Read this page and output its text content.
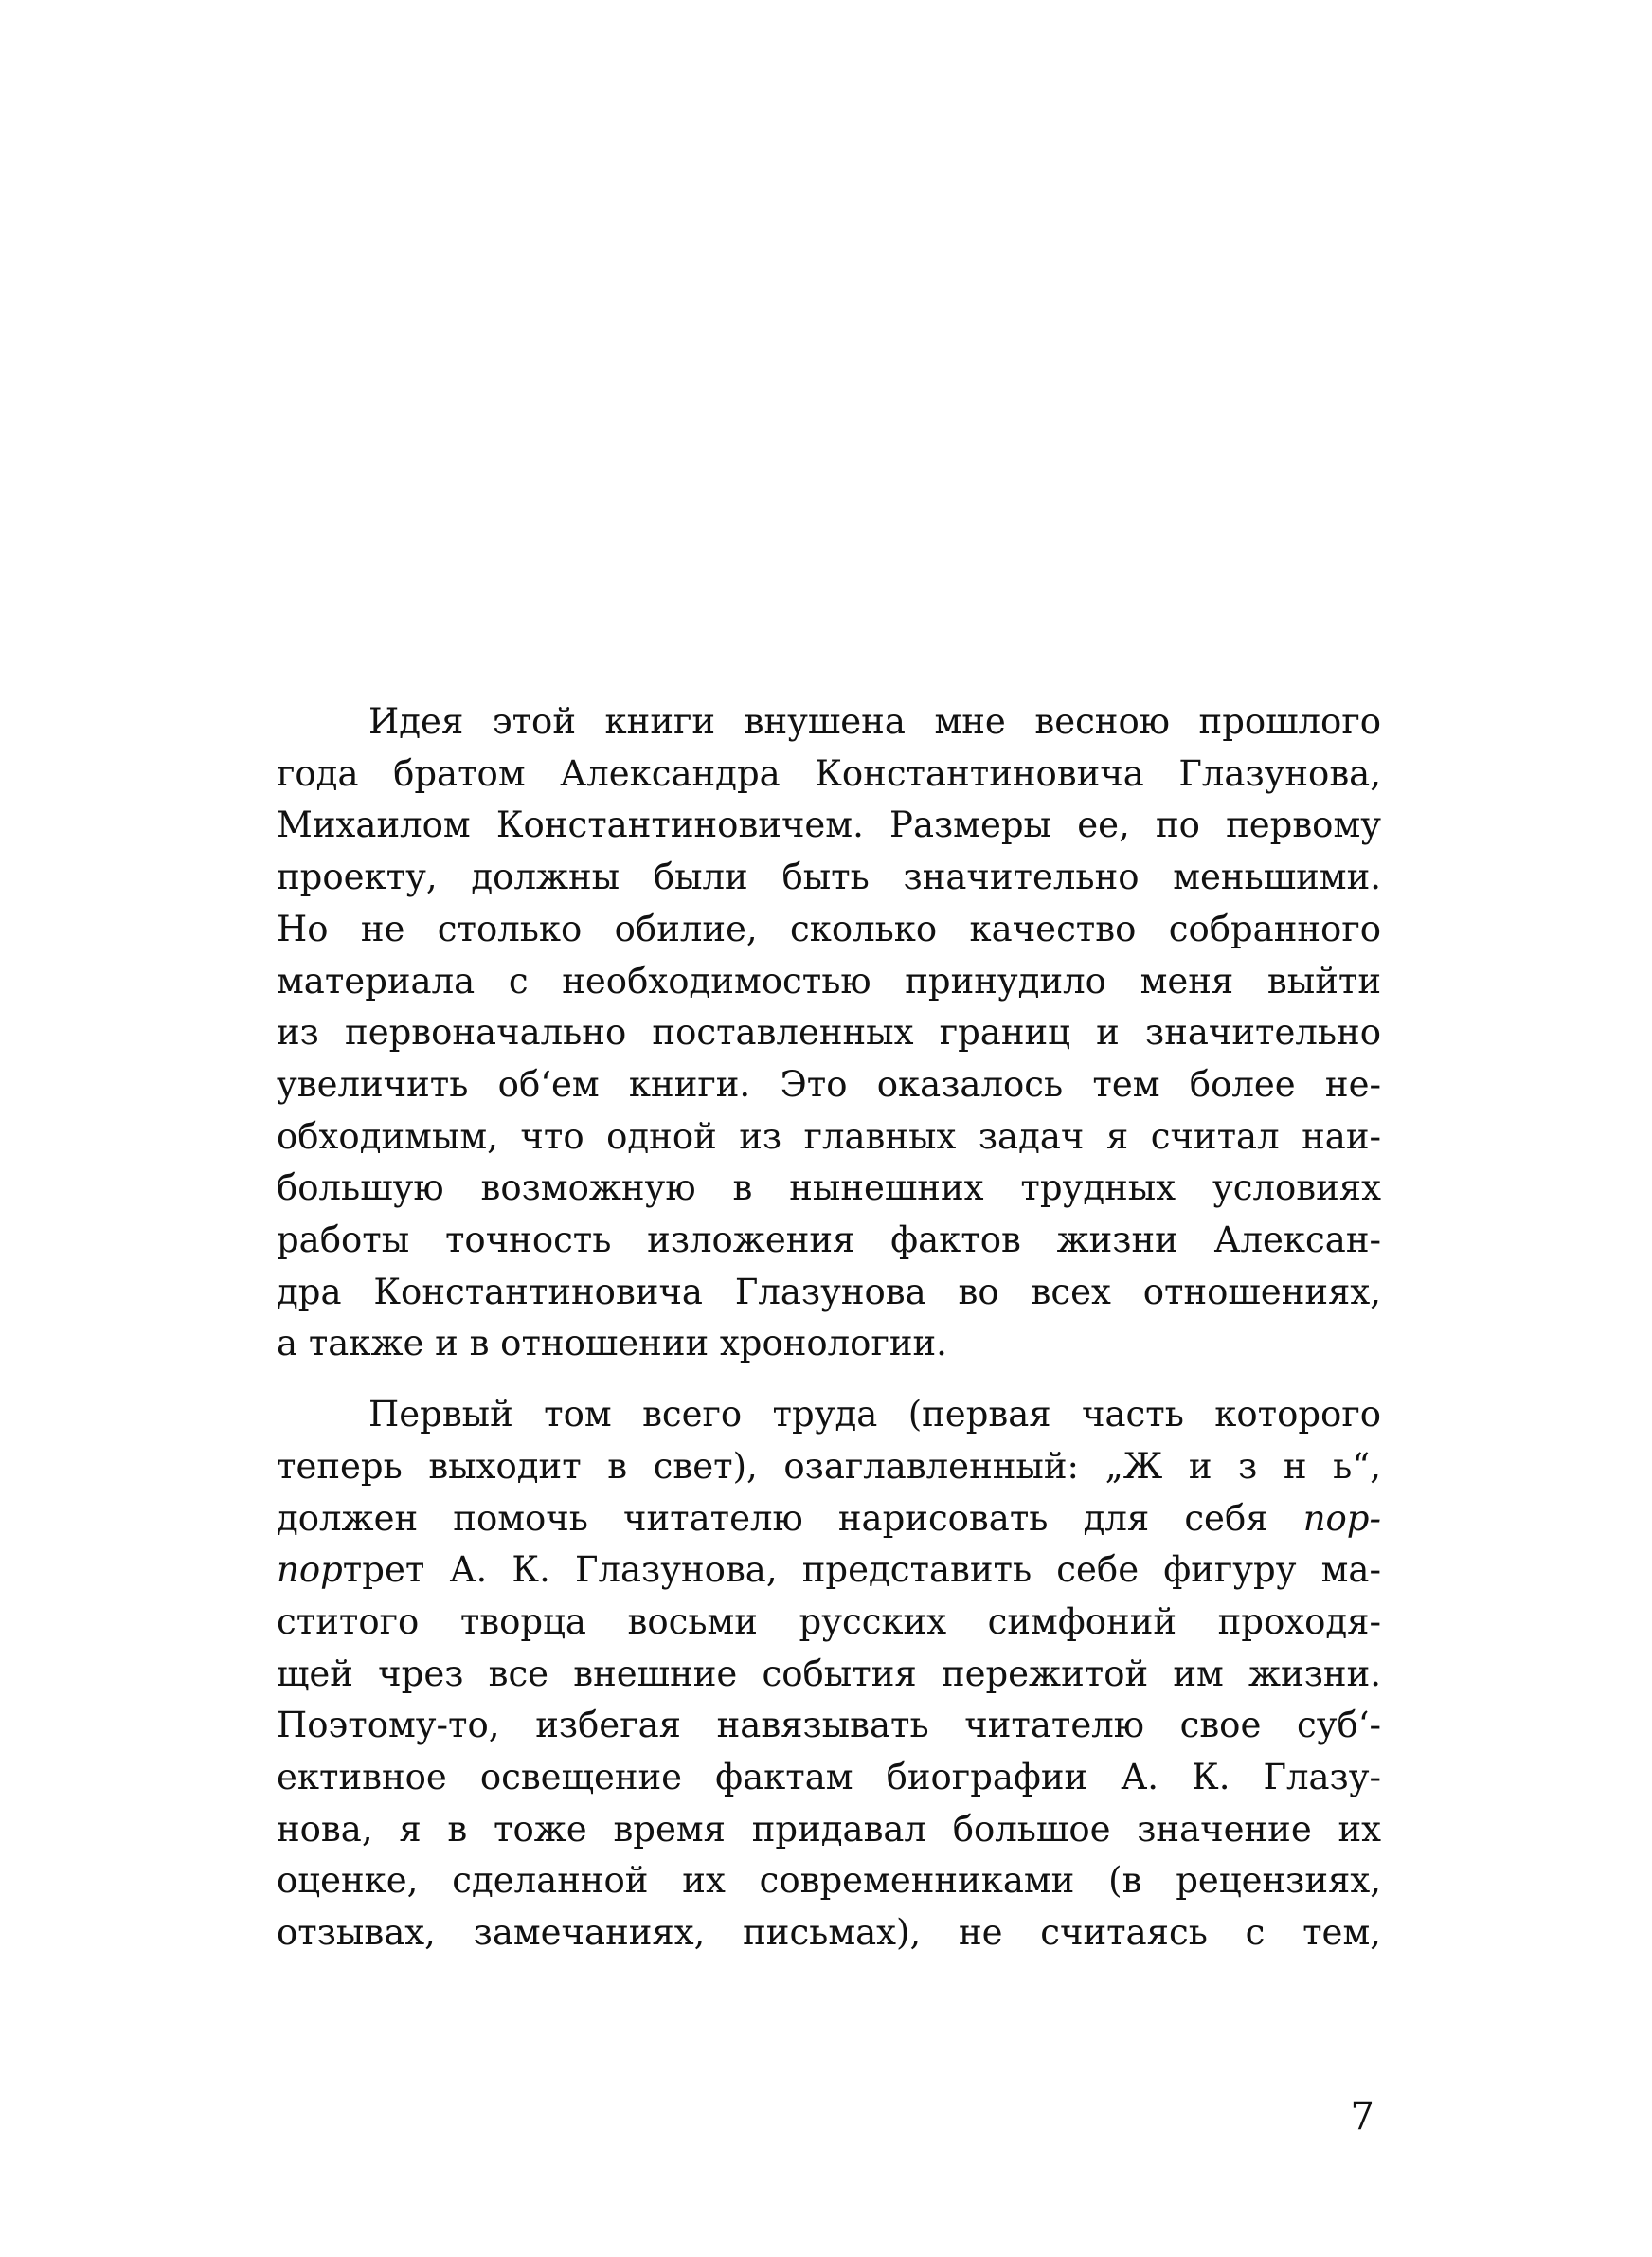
Идея этой книги внушена мне весною прошлого
года братом Александра Константиновича Глазунова,
Михаилом Константиновичем. Размеры ее, по первому
проекту, должны были быть значительно меньшими.
Но не столько обилие, сколько качество собранного
материала с необходимостью принудило меня выйти
из первоначально поставленных границ и значительно
увеличить об‘ем книги. Это оказалось тем более не-
обходимым, что одной из главных задач я считал наи-
большую возможную в нынешних трудных условиях
работы точность изложения фактов жизни Алексан-
дра Константиновича Глазунова во всех отношениях,
а также и в отношении хронологии.

Первый том всего труда (первая часть которого
теперь выходит в свет), озаглавленный: „Ж и з н ь“,
должен помочь читателю нарисовать для себя пор-
портрет А. К. Глазунова, представить себе фигуру ма-
ститого творца восьми русских симфоний проходя-
щей чрез все внешние события пережитой им жизни.
Поэтому-то, избегая навязывать читателю свое суб‘-
ективное освещение фактам биографии А. К. Глазу-
нова, я в тоже время придавал большое значение их
оценке, сделанной их современниками (в рецензиях,
отзывах, замечаниях, письмах), не считаясь с тем,

7
